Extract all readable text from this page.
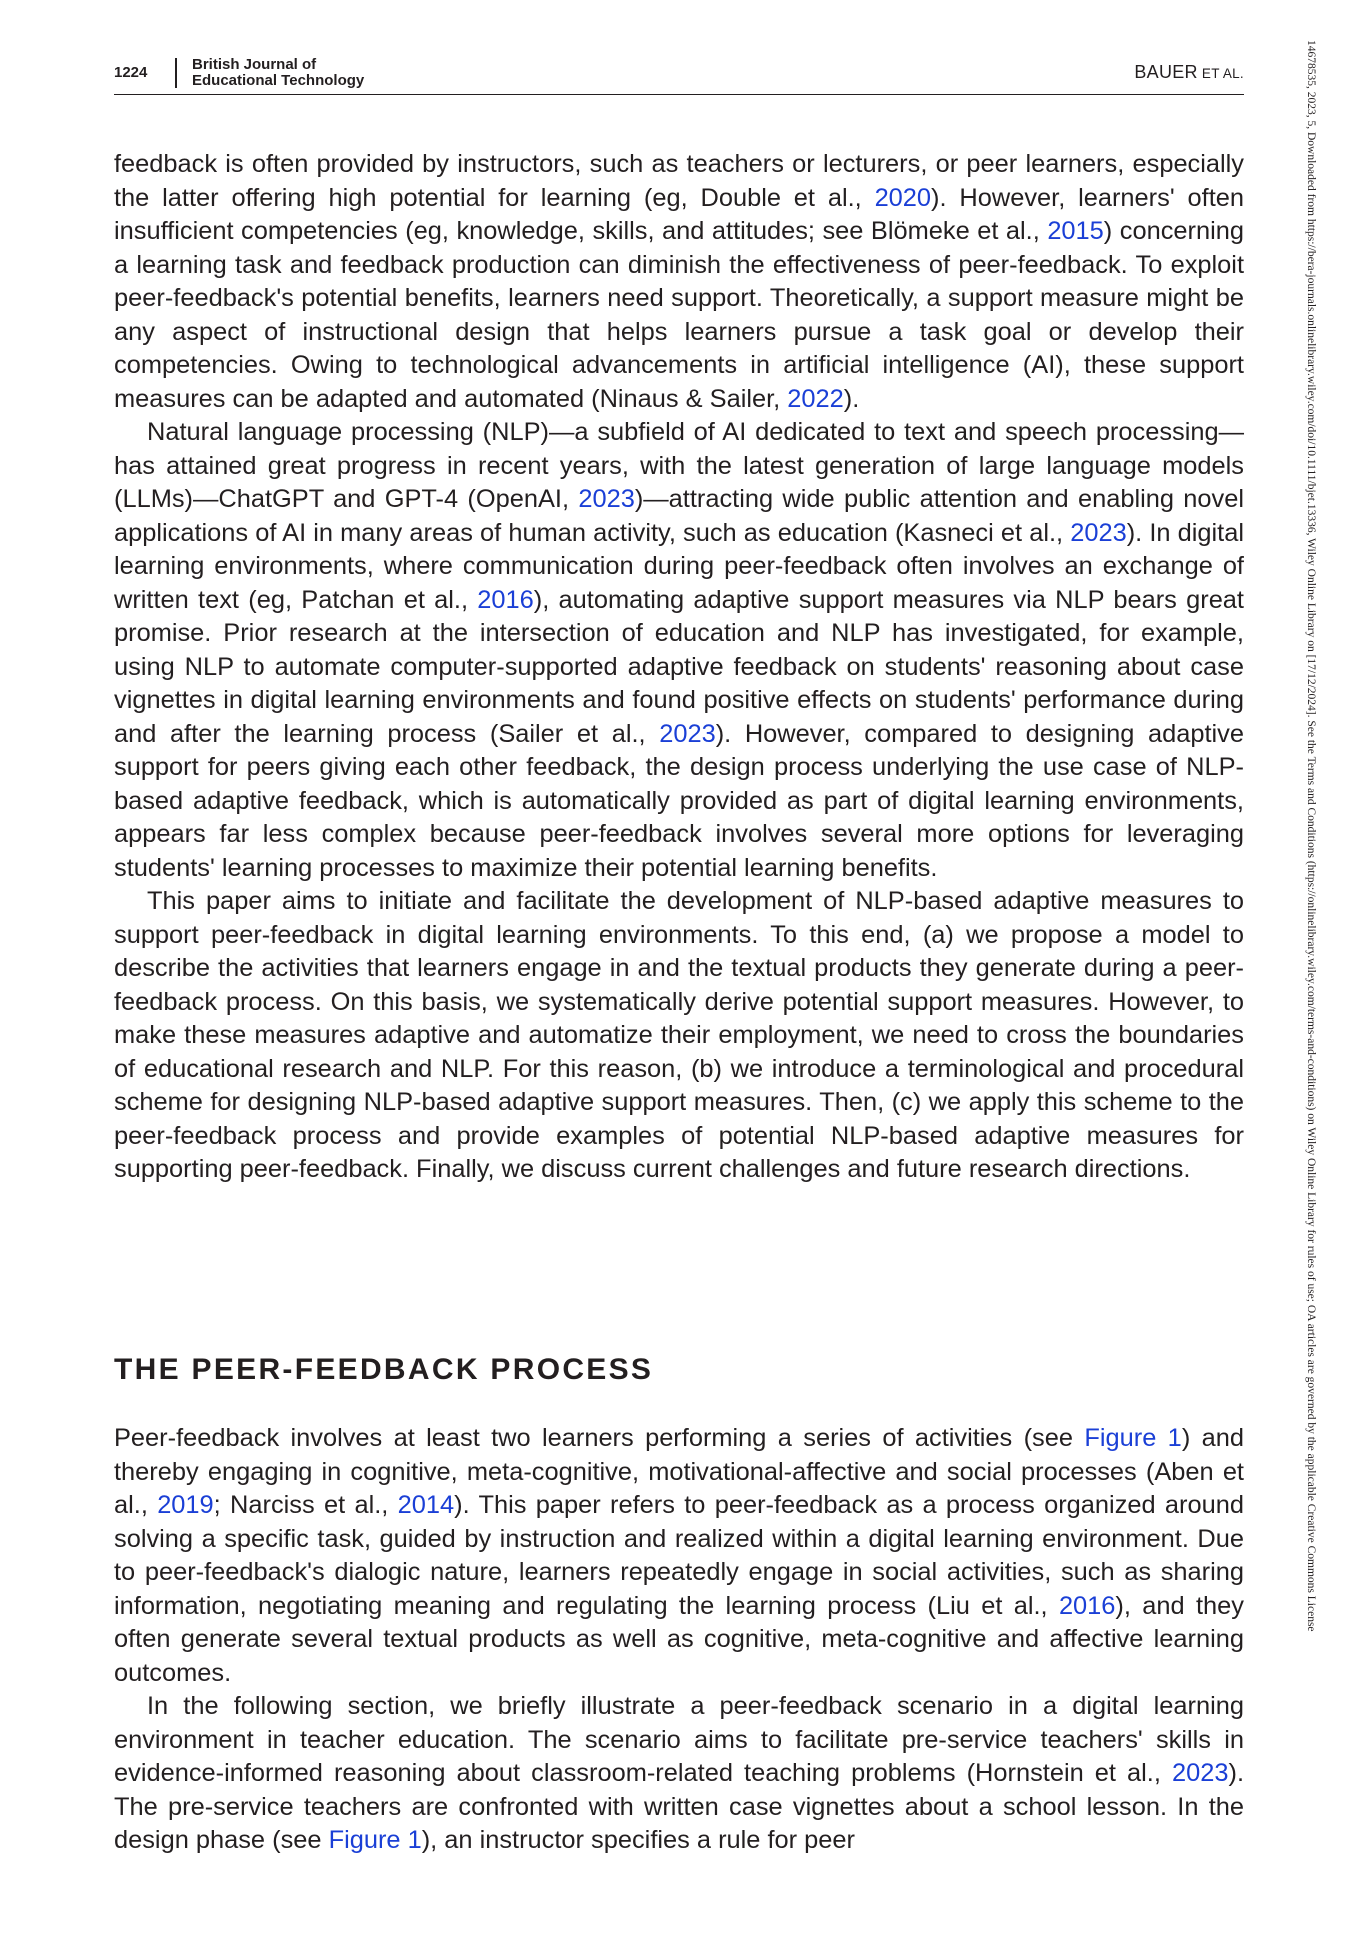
1224	British Journal of
Educational Technology	BAUER ET AL.	14678535, 2023, 5, Downloaded from https://bera-journals.onlinelibrary.wiley.com/doi/10.1111/bjet.13336, Wiley Online Library on [17/12/2024]. See the Terms and Conditions (https://onlinelibrary.wiley.com/terms-and-conditions) on Wiley Online Library for rules of use; OA articles are governed by the applicable Creative Commons License

feedback is often provided by instructors, such as teachers or lecturers, or peer learners, especially the latter offering high potential for learning (eg, Double et al., 2020). However, learners' often insufficient competencies (eg, knowledge, skills, and attitudes; see Blömeke et al., 2015) concerning a learning task and feedback production can diminish the effectiveness of peer-feedback. To exploit peer-feedback's potential benefits, learners need support. Theoretically, a support measure might be any aspect of instructional design that helps learners pursue a task goal or develop their competencies. Owing to technological advancements in artificial intelligence (AI), these support measures can be adapted and automated (Ninaus & Sailer, 2022).

Natural language processing (NLP)—a subfield of AI dedicated to text and speech processing—has attained great progress in recent years, with the latest generation of large language models (LLMs)—ChatGPT and GPT-4 (OpenAI, 2023)—attracting wide public attention and enabling novel applications of AI in many areas of human activity, such as education (Kasneci et al., 2023). In digital learning environments, where communication during peer-feedback often involves an exchange of written text (eg, Patchan et al., 2016), automating adaptive support measures via NLP bears great promise. Prior research at the intersection of education and NLP has investigated, for example, using NLP to automate computer-supported adaptive feedback on students' reasoning about case vignettes in digital learning environments and found positive effects on students' performance during and after the learning process (Sailer et al., 2023). However, compared to designing adaptive support for peers giving each other feedback, the design process underlying the use case of NLP-based adaptive feedback, which is automatically provided as part of digital learning environments, appears far less complex because peer-feedback involves several more options for leveraging students' learning processes to maximize their potential learning benefits.

This paper aims to initiate and facilitate the development of NLP-based adaptive measures to support peer-feedback in digital learning environments. To this end, (a) we propose a model to describe the activities that learners engage in and the textual products they generate during a peer-feedback process. On this basis, we systematically derive potential support measures. However, to make these measures adaptive and automatize their employment, we need to cross the boundaries of educational research and NLP. For this reason, (b) we introduce a terminological and procedural scheme for designing NLP-based adaptive support measures. Then, (c) we apply this scheme to the peer-feedback process and provide examples of potential NLP-based adaptive measures for supporting peer-feedback. Finally, we discuss current challenges and future research directions.

THE PEER-FEEDBACK PROCESS

Peer-feedback involves at least two learners performing a series of activities (see Figure 1) and thereby engaging in cognitive, meta-cognitive, motivational-affective and social processes (Aben et al., 2019; Narciss et al., 2014). This paper refers to peer-feedback as a process organized around solving a specific task, guided by instruction and realized within a digital learning environment. Due to peer-feedback's dialogic nature, learners repeatedly engage in social activities, such as sharing information, negotiating meaning and regulating the learning process (Liu et al., 2016), and they often generate several textual products as well as cognitive, meta-cognitive and affective learning outcomes.

In the following section, we briefly illustrate a peer-feedback scenario in a digital learning environment in teacher education. The scenario aims to facilitate pre-service teachers' skills in evidence-informed reasoning about classroom-related teaching problems (Hornstein et al., 2023). The pre-service teachers are confronted with written case vignettes about a school lesson. In the design phase (see Figure 1), an instructor specifies a rule for peer
